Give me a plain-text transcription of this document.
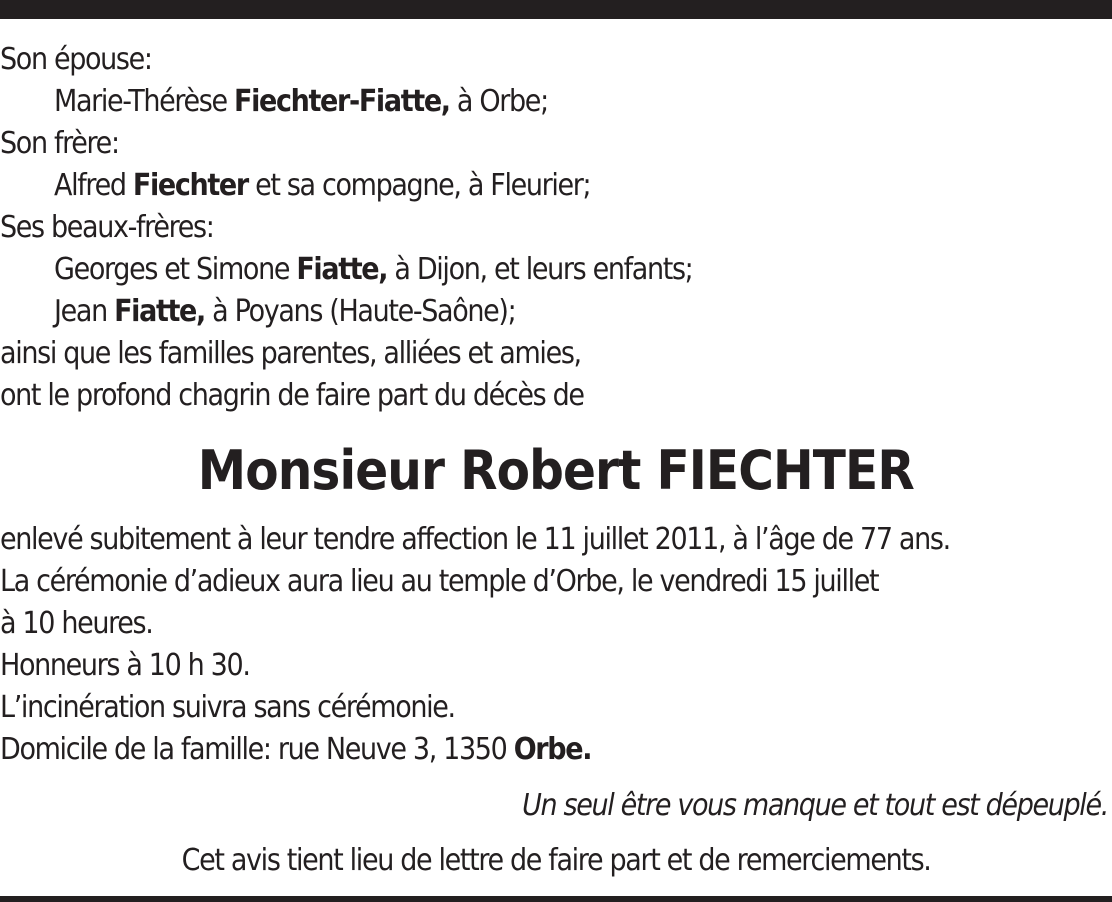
Son épouse:
Marie-Thérèse Fiechter-Fiatte, à Orbe;
Son frère:
Alfred Fiechter et sa compagne, à Fleurier;
Ses beaux-frères:
Georges et Simone Fiatte, à Dijon, et leurs enfants;
Jean Fiatte, à Poyans (Haute-Saône);
ainsi que les familles parentes, alliées et amies,
ont le profond chagrin de faire part du décès de
Monsieur Robert FIECHTER
enlevé subitement à leur tendre affection le 11 juillet 2011, à l’âge de 77 ans.
La cérémonie d’adieux aura lieu au temple d’Orbe, le vendredi 15 juillet
à 10 heures.
Honneurs à 10 h 30.
L’incinération suivra sans cérémonie.
Domicile de la famille: rue Neuve 3, 1350 Orbe.
Un seul être vous manque et tout est dépeuplé.
Cet avis tient lieu de lettre de faire part et de remerciements.
